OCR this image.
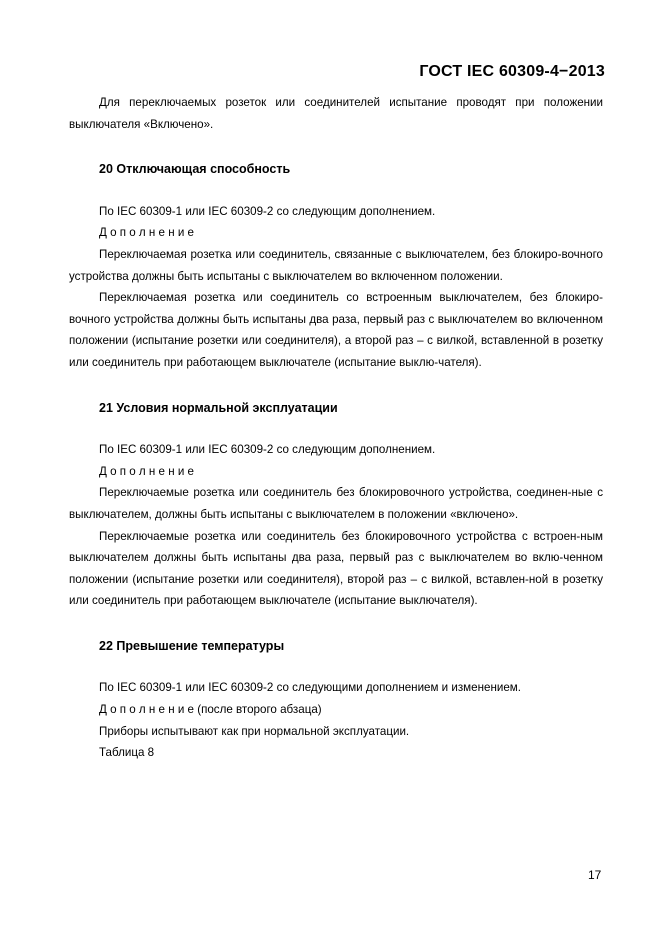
ГОСТ IEC 60309-4−2013

Для переключаемых розеток или соединителей испытание проводят при положении выключателя «Включено».

20 Отключающая способность

По IEC 60309-1 или IEC 60309-2 со следующим дополнением.

Д о п о л н е н и е

Переключаемая розетка или соединитель, связанные с выключателем, без блокиро-вочного устройства должны быть испытаны с выключателем во включенном положении.

Переключаемая розетка или соединитель со встроенным выключателем, без блокиро-вочного устройства должны быть испытаны два раза, первый раз с выключателем во включенном положении (испытание розетки или соединителя), а второй раз – с вилкой, вставленной в розетку или соединитель при работающем выключателе (испытание выклю-чателя).

21 Условия нормальной эксплуатации

По IEC 60309-1 или IEC 60309-2 со следующим дополнением.

Д о п о л н е н и е

Переключаемые розетка или соединитель без блокировочного устройства, соединен-ные с выключателем, должны быть испытаны с выключателем в положении «включено».

Переключаемые розетка или соединитель без блокировочного устройства с встроен-ным выключателем должны быть испытаны два раза, первый раз с выключателем во вклю-ченном положении (испытание розетки или соединителя), второй раз – с вилкой, вставлен-ной в розетку или соединитель при работающем выключателе (испытание выключателя).

22 Превышение температуры

По IEC 60309-1 или IEC 60309-2 со следующими дополнением и изменением.

Д о п о л н е н и е (после второго абзаца)

Приборы испытывают как при нормальной эксплуатации.

Таблица 8

17
